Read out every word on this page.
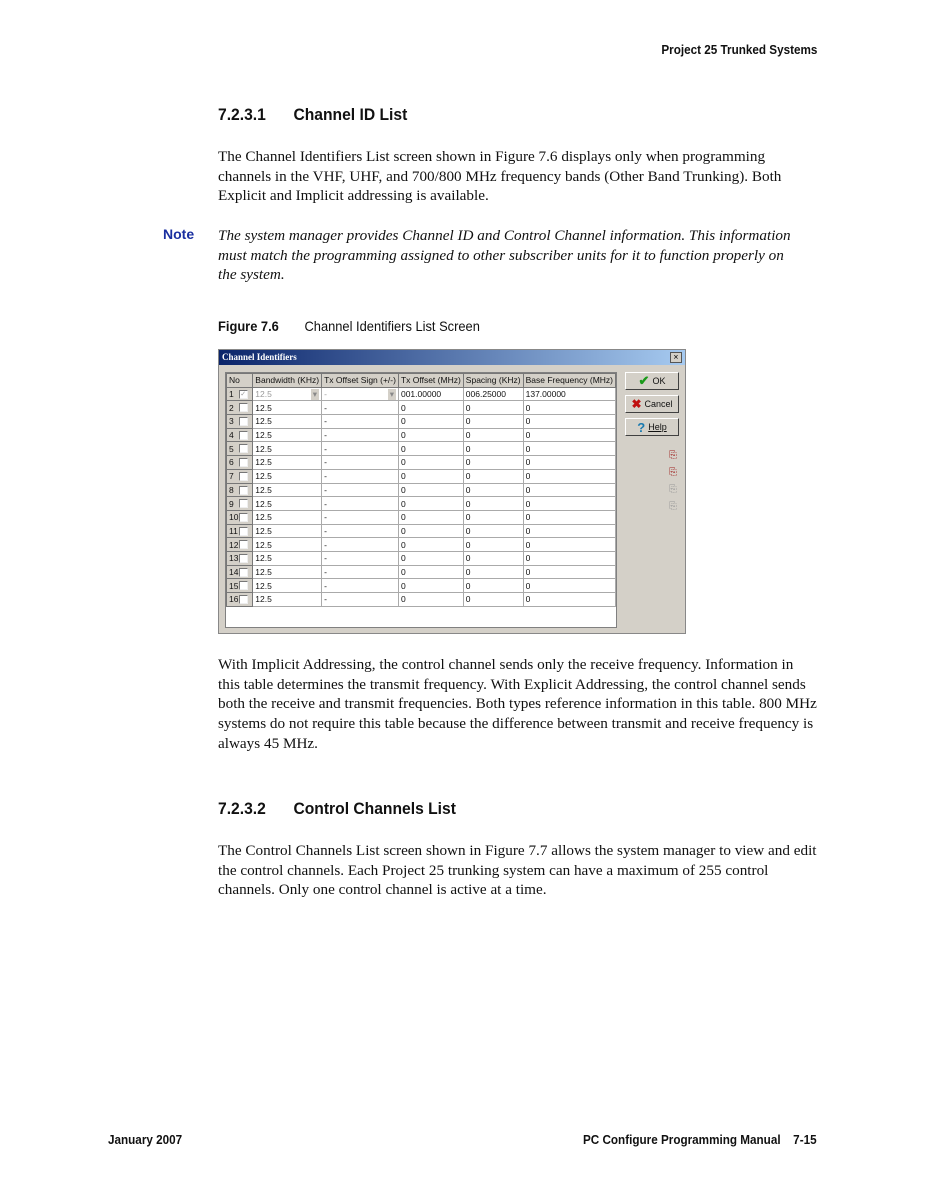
Project 25 Trunked Systems
7.2.3.1 Channel ID List

The Channel Identifiers List screen shown in Figure 7.6 displays only when programming channels in the VHF, UHF, and 700/800 MHz frequency bands (Other Band Trunking). Both Explicit and Implicit addressing is available.

Note The system manager provides Channel ID and Control Channel information. This information must match the programming assigned to other subscriber units for it to function properly on the system.

Figure 7.6 Channel Identifiers List Screen
Channel Identifiers	×
No	Bandwidth (KHz)	Tx Offset Sign (+/-)	Tx Offset (MHz)	Spacing (KHz)	Base Frequency (MHz)
1 ✓	12.5 ▾	- ▾	001.00000	006.25000	137.00000
2	12.5	-	0	0	0
3	12.5	-	0	0	0
4	12.5	-	0	0	0
5	12.5	-	0	0	0
6	12.5	-	0	0	0
7	12.5	-	0	0	0
8	12.5	-	0	0	0
9	12.5	-	0	0	0
10	12.5	-	0	0	0
11	12.5	-	0	0	0
12	12.5	-	0	0	0
13	12.5	-	0	0	0
14	12.5	-	0	0	0
15	12.5	-	0	0	0
16	12.5	-	0	0	0
✔ OK
✖ Cancel
? Help
⎘
⎘
⎘
⎘

With Implicit Addressing, the control channel sends only the receive frequency. Information in this table determines the transmit frequency. With Explicit Addressing, the control channel sends both the receive and transmit frequencies. Both types reference information in this table. 800 MHz systems do not require this table because the difference between transmit and receive frequency is always 45 MHz.

7.2.3.2 Control Channels List

The Control Channels List screen shown in Figure 7.7 allows the system manager to view and edit the control channels. Each Project 25 trunking system can have a maximum of 255 control channels. Only one control channel is active at a time.

January 2007	PC Configure Programming Manual 7-15
